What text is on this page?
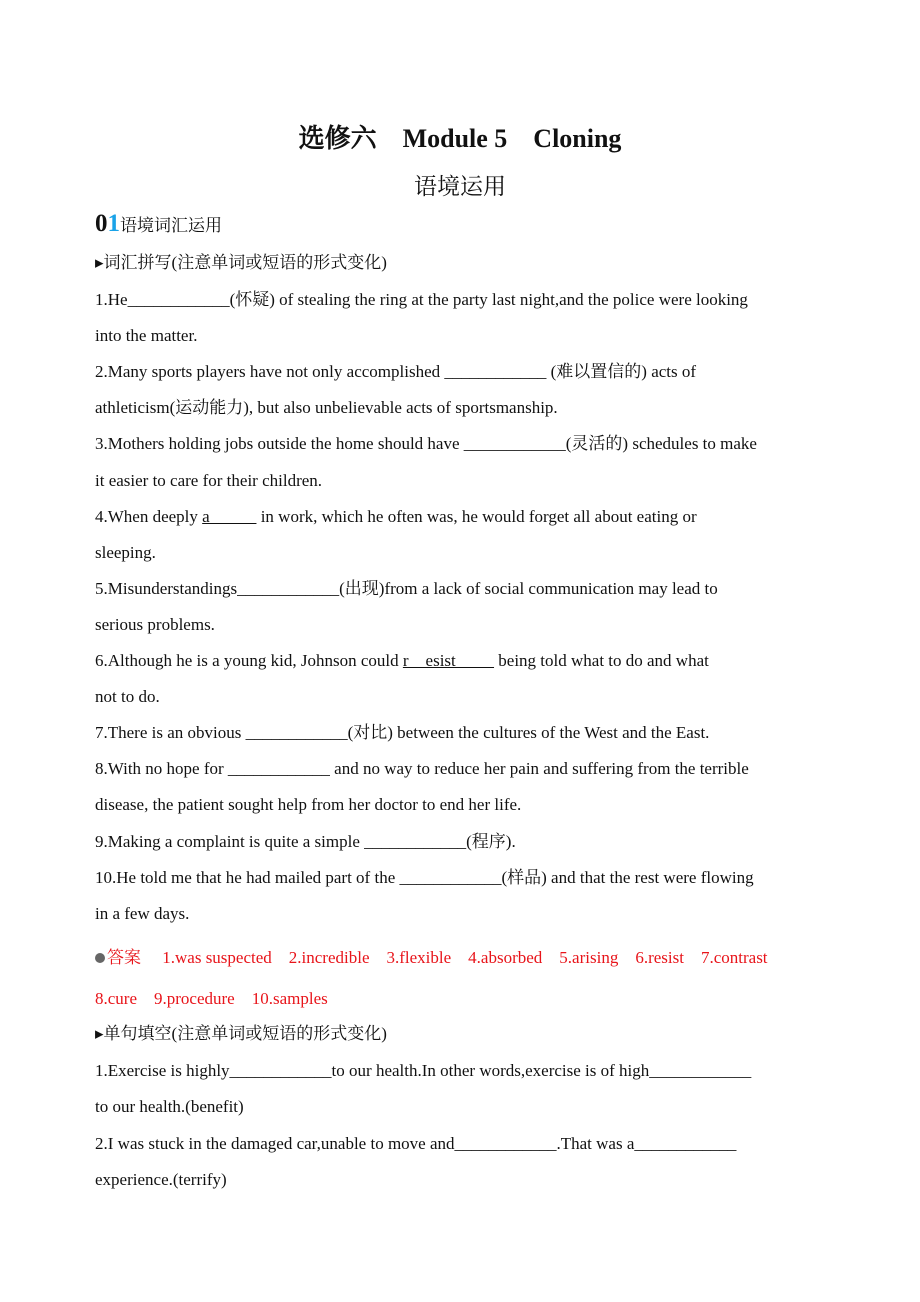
选修六　Module 5　Cloning
语境运用
01语境词汇运用
▸词汇拼写(注意单词或短语的形式变化)
1.He____________(怀疑) of stealing the ring at the party last night,and the police were looking
into the matter.
2.Many sports players have not only accomplished ____________ (难以置信的) acts of
athleticism(运动能力), but also unbelievable acts of sportsmanship.
3.Mothers holding jobs outside the home should have ____________(灵活的) schedules to make
it easier to care for their children.
4.When deeply a            in work, which he often was, he would forget all about eating or
sleeping.
5.Misunderstandings____________(出现)from a lack of social communication may lead to
serious problems.
6.Although he is a young kid, Johnson could r    esist          being told what to do and what
not to do.
7.There is an obvious ____________(对比) between the cultures of the West and the East.
8.With no hope for ____________ and no way to reduce her pain and suffering from the terrible
disease, the patient sought help from her doctor to end her life.
9.Making a complaint is quite a simple ____________(程序).
10.He told me that he had mailed part of the ____________(样品) and that the rest were flowing
in a few days.
答案　 1.was suspected 2.incredible 3.flexible 4.absorbed 5.arising 6.resist 7.contrast
8.cure 9.procedure 10.samples
▸单句填空(注意单词或短语的形式变化)
1.Exercise is highly____________to our health.In other words,exercise is of high____________
to our health.(benefit)
2.I was stuck in the damaged car,unable to move and____________.That was a____________
experience.(terrify)
